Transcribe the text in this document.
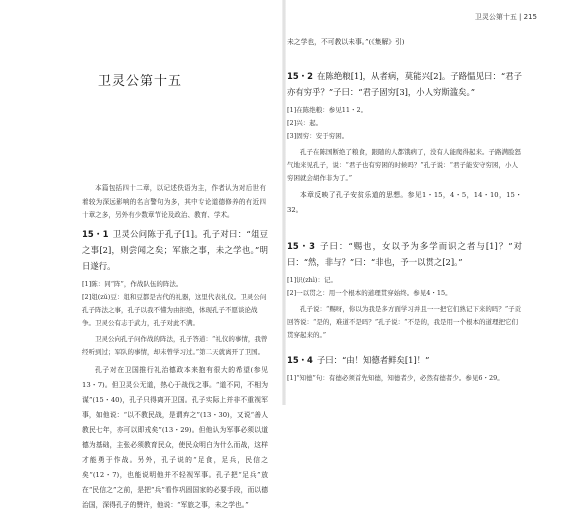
卫灵公第十五

本篇包括四十二章，以记述佚语为主，作者认为对后世有着较为深远影响的名言警句为多，其中专论道德修养的有近四十章之多，另外有少数章节论及政治、教育、学术。

15・1 卫灵公问陈于孔子[1]。孔子对曰：“俎豆之事[2]，则尝闻之矣；军旅之事，未之学也。”明日遂行。

[1]陈：同“阵”，作战队伍的阵法。

[2]俎(zǔ)豆：俎和豆都是古代的礼器，这里代表礼仪。卫灵公问孔子阵法之事，孔子以我不懂为由拒绝，体现孔子不愿谈论战争。卫灵公有志于武力，孔子对此不满。

卫灵公向孔子问作战的阵法，孔子答道：“礼仪的事情，我曾经听到过；军队的事情，却未曾学习过。”第二天就离开了卫国。

孔子对在卫国推行礼治德政本来抱有很大的希望(参见13・7)。但卫灵公无道，热心于战伐之事。“道不同，不相为谋”(15・40)，孔子只得离开卫国。孔子实际上并非不重视军事，如他说：“以不教民战，是谓弃之”(13・30)，又说“善人教民七年，亦可以即戎矣”(13・29)。但他认为军事必须以道德为基础，主张必须教育民众，使民众明白为什么而战，这样才能勇于作战。另外，孔子说的“足食，足兵，民信之矣”(12・7)，也能说明他并不轻视军事。孔子把“足兵”放在“民信之”之前，是把“兵”看作巩固国家的必要手段，而以德治国，深得孔子的赞许，他说：“军旅之事，未之学也。”

卫灵公第十五 | 215
未之学也，不可教以未事。”(《集解》引)
15・2 在陈绝粮[1]，从者病，莫能兴[2]。子路愠见曰：“君子亦有穷乎？”子曰：“君子固穷[3]，小人穷斯滥矣。”

[1]在陈绝粮：参见11・2。

[2]兴：起。

[3]固穷：安于穷困。

孔子在陈国断绝了粮食，跟随的人都饿病了，没有人能爬得起来。子路满脸怒气地来见孔子，说：“君子也有穷困的时候吗？”孔子说：“君子能安守穷困，小人穷困就会胡作非为了。”

本章反映了孔子安贫乐道的思想。参见1・15，4・5，14・10，15・32。

15・3 子曰：“赐也，女以予为多学而识之者与[1]？”对曰：“然，非与？”曰：“非也，予一以贯之[2]。”

[1]识(zhì)：记。

[2]一以贯之：用一个根本的道理贯穿始终。参见4・15。

孔子说：“赐呀，你以为我是多方面学习并且一一把它们熟记下来的吗？”子贡回答说：“是的，难道不是吗？”孔子说：“不是的，我是用一个根本的道理把它们贯穿起来的。”

15・4 子曰：“由！知德者鲜矣[1]！”

[1]“知德”句：有德必须首先知德，知德者少，必然有德者少。参见6・29。
